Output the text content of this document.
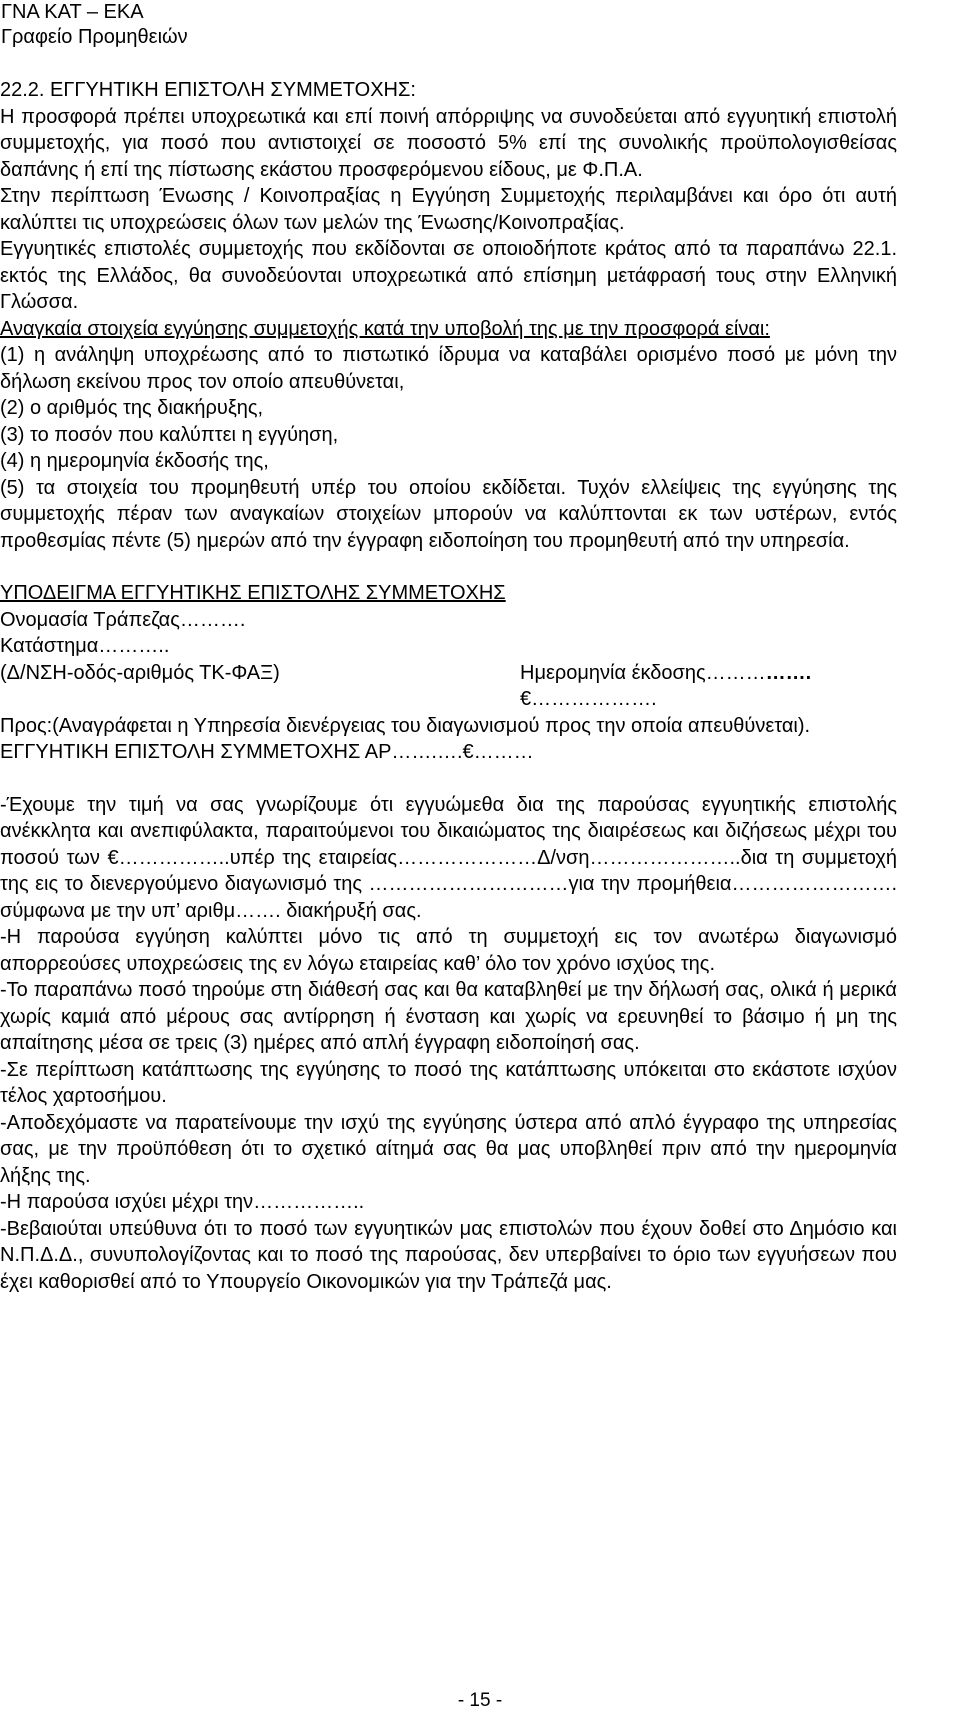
ΓΝΑ ΚΑΤ – ΕΚΑ
Γραφείο Προμηθειών

22.2. ΕΓΓΥΗΤΙΚΗ ΕΠΙΣΤΟΛΗ ΣΥΜΜΕΤΟΧΗΣ:

Η προσφορά πρέπει υποχρεωτικά και επί ποινή απόρριψης να συνοδεύεται από εγγυητική επιστολή συμμετοχής, για ποσό που αντιστοιχεί σε ποσοστό 5% επί της συνολικής προϋπολογισθείσας δαπάνης ή επί της πίστωσης εκάστου προσφερόμενου είδους, με Φ.Π.Α.

Στην περίπτωση Ένωσης / Κοινοπραξίας η Εγγύηση Συμμετοχής περιλαμβάνει και όρο ότι αυτή καλύπτει τις υποχρεώσεις όλων των μελών της Ένωσης/Κοινοπραξίας.

Εγγυητικές επιστολές συμμετοχής που εκδίδονται σε οποιοδήποτε κράτος από τα παραπάνω 22.1. εκτός της Ελλάδος, θα συνοδεύονται υποχρεωτικά από επίσημη μετάφρασή τους στην Ελληνική Γλώσσα.

Αναγκαία στοιχεία εγγύησης συμμετοχής κατά την υποβολή της με την προσφορά είναι:

(1) η ανάληψη υποχρέωσης από το πιστωτικό ίδρυμα να καταβάλει ορισμένο ποσό με μόνη την δήλωση εκείνου προς τον οποίο απευθύνεται,

(2) ο αριθμός της διακήρυξης,

(3) το ποσόν που καλύπτει η εγγύηση,

(4) η ημερομηνία έκδοσής της,

(5) τα στοιχεία του προμηθευτή υπέρ του οποίου εκδίδεται. Τυχόν ελλείψεις της εγγύησης της συμμετοχής πέραν των αναγκαίων στοιχείων μπορούν να καλύπτονται εκ των υστέρων, εντός προθεσμίας πέντε (5) ημερών από την έγγραφη ειδοποίηση του προμηθευτή από την υπηρεσία.

ΥΠΟΔΕΙΓΜΑ ΕΓΓΥΗΤΙΚΗΣ ΕΠΙΣΤΟΛΗΣ ΣΥΜΜΕΤΟΧΗΣ

Ονομασία Τράπεζας……….

Κατάστημα………..

(Δ/ΝΣΗ-οδός-αριθμός ΤΚ-ΦΑΞ)	Ημερομηνία έκδοσης…………….
€……………….

Προς:(Αναγράφεται η Υπηρεσία διενέργειας του διαγωνισμού προς την οποία απευθύνεται).

ΕΓΓΥΗΤΙΚΗ ΕΠΙΣΤΟΛΗ ΣΥΜΜΕΤΟΧΗΣ ΑΡ…….….€………

-Έχουμε την τιμή να σας γνωρίζουμε ότι εγγυώμεθα δια της παρούσας εγγυητικής επιστολής ανέκκλητα και ανεπιφύλακτα, παραιτούμενοι του δικαιώματος της διαιρέσεως και διζήσεως μέχρι του ποσού των €……………..υπέρ της εταιρείας…………………Δ/νση…………………..δια τη συμμετοχή της εις το διενεργούμενο διαγωνισμό της …………………………για την προμήθεια……………………. σύμφωνα με την υπ’ αριθμ……. διακήρυξή σας.

-Η παρούσα εγγύηση καλύπτει μόνο τις από τη συμμετοχή εις τον ανωτέρω διαγωνισμό απορρεούσες υποχρεώσεις της εν λόγω εταιρείας καθ’ όλο τον χρόνο ισχύος της.

-Το παραπάνω ποσό τηρούμε στη διάθεσή σας και θα καταβληθεί με την δήλωσή σας, ολικά ή μερικά χωρίς καμιά από μέρους σας αντίρρηση ή ένσταση και χωρίς να ερευνηθεί το βάσιμο ή μη της απαίτησης μέσα σε τρεις (3) ημέρες από απλή έγγραφη ειδοποίησή σας.

-Σε περίπτωση κατάπτωσης της εγγύησης το ποσό της κατάπτωσης υπόκειται στο εκάστοτε ισχύον τέλος χαρτοσήμου.

-Αποδεχόμαστε να παρατείνουμε την ισχύ της εγγύησης ύστερα από απλό έγγραφο της υπηρεσίας σας, με την προϋπόθεση ότι το σχετικό αίτημά σας θα μας υποβληθεί πριν από την ημερομηνία λήξης της.

-Η παρούσα ισχύει μέχρι την……………..

-Βεβαιούται υπεύθυνα ότι το ποσό των εγγυητικών μας επιστολών που έχουν δοθεί στο Δημόσιο και Ν.Π.Δ.Δ., συνυπολογίζοντας και το ποσό της παρούσας, δεν υπερβαίνει το όριο των εγγυήσεων που έχει καθορισθεί από το Υπουργείο Οικονομικών για την Τράπεζά μας.

- 15 -
